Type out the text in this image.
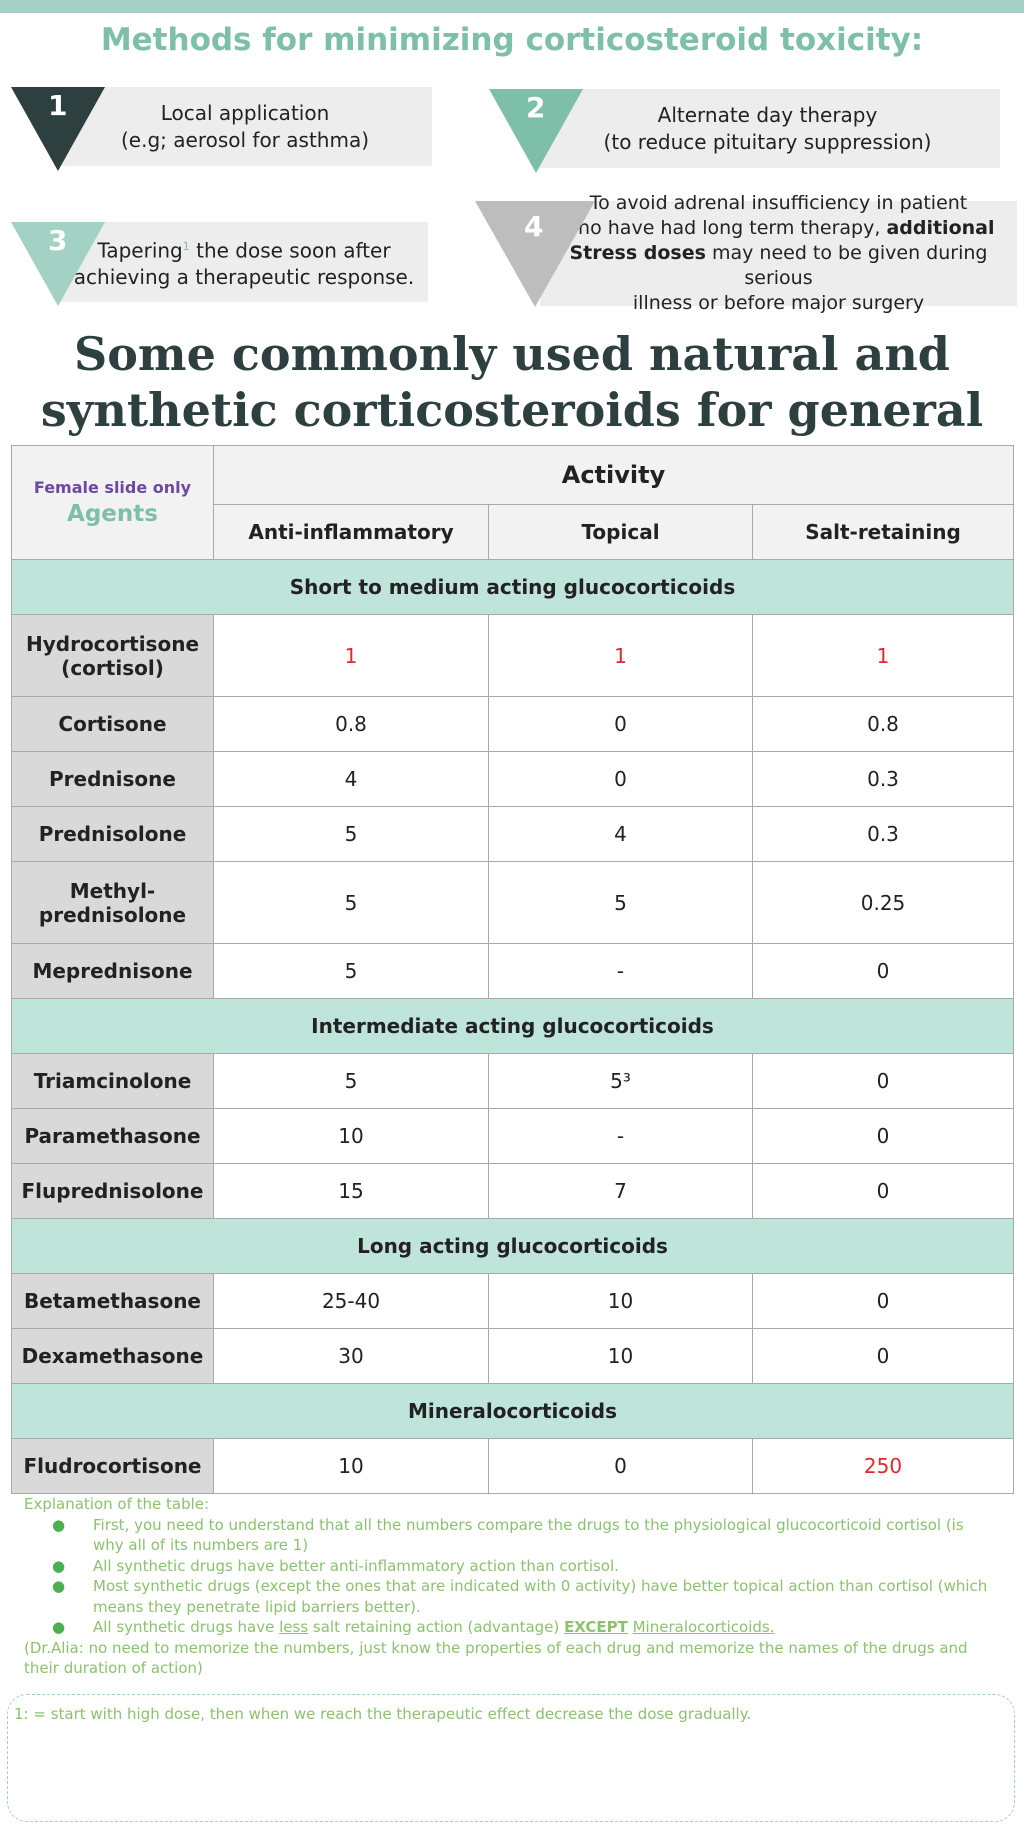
Methods for minimizing corticosteroid toxicity:
Local application
(e.g; aerosol for asthma)
1	Alternate day therapy
(to reduce pituitary suppression)
2
Tapering$^1$ the dose soon after
achieving a therapeutic response.
3
To avoid adrenal insufficiency in patient
who have had long term therapy, additional
Stress doses may need to be given during serious
illness or before major surgery
4
Some commonly used natural and
synthetic corticosteroids for general
Female slide only
Agents	Activity		
	Anti-inflammatory	Topical	Salt-retaining
Short to medium acting glucocorticoids			

Hydrocortisone
(cortisol)	1	1	1
Cortisone	0.8	0	0.8
Prednisone	4	0	0.3
Prednisolone	5	4	0.3

Methyl-
prednisolone	5	5	0.25
Meprednisone	5	-	0
Intermediate acting glucocorticoids			
Triamcinolone	5	5³	0
Paramethasone	10	-	0
Fluprednisolone	15	7	0
Long acting glucocorticoids			
Betamethasone	25-40	10	0
Dexamethasone	30	10	0
Mineralocorticoids			
Fludrocortisone	10	0	250
Explanation of the table:
● First, you need to understand that all the numbers compare the drugs to the physiological glucocorticoid cortisol (is why all of its numbers are 1)
● All synthetic drugs have better anti-inflammatory action than cortisol.
● Most synthetic drugs (except the ones that are indicated with 0 activity) have better topical action than cortisol (which means they penetrate lipid barriers better).
● All synthetic drugs have less salt retaining action (advantage) EXCEPT Mineralocorticoids.
(Dr.Alia: no need to memorize the numbers, just know the properties of each drug and memorize the names of the drugs and their duration of action)
1: = start with high dose, then when we reach the therapeutic effect decrease the dose gradually.
